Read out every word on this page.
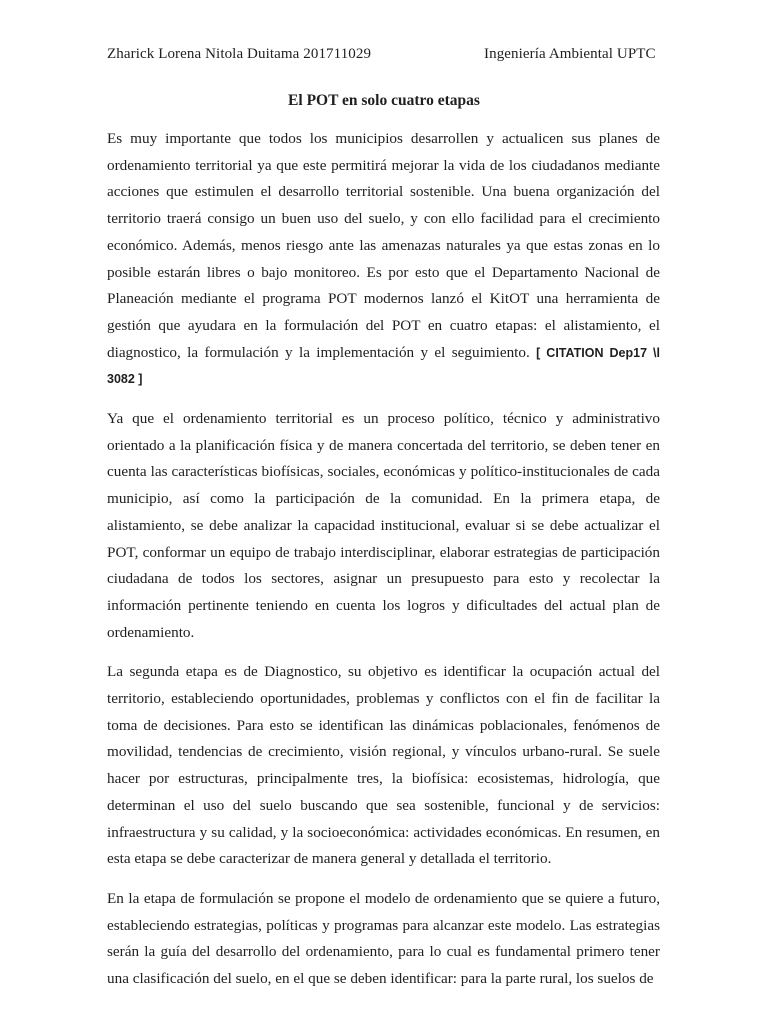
Zharick Lorena Nitola Duitama 201711029	Ingeniería Ambiental UPTC
El POT en solo cuatro etapas

Es muy importante que todos los municipios desarrollen y actualicen sus planes de ordenamiento territorial ya que este permitirá mejorar la vida de los ciudadanos mediante acciones que estimulen el desarrollo territorial sostenible. Una buena organización del territorio traerá consigo un buen uso del suelo, y con ello facilidad para el crecimiento económico. Además, menos riesgo ante las amenazas naturales ya que estas zonas en lo posible estarán libres o bajo monitoreo. Es por esto que el Departamento Nacional de Planeación mediante el programa POT modernos lanzó el KitOT una herramienta de gestión que ayudara en la formulación del POT en cuatro etapas: el alistamiento, el diagnostico, la formulación y la implementación y el seguimiento. [ CITATION Dep17 \l 3082 ]

Ya que el ordenamiento territorial es un proceso político, técnico y administrativo orientado a la planificación física y de manera concertada del territorio, se deben tener en cuenta las características biofísicas, sociales, económicas y político-institucionales de cada municipio, así como la participación de la comunidad. En la primera etapa, de alistamiento, se debe analizar la capacidad institucional, evaluar si se debe actualizar el POT, conformar un equipo de trabajo interdisciplinar, elaborar estrategias de participación ciudadana de todos los sectores, asignar un presupuesto para esto y recolectar la información pertinente teniendo en cuenta los logros y dificultades del actual plan de ordenamiento.

La segunda etapa es de Diagnostico, su objetivo es identificar la ocupación actual del territorio, estableciendo oportunidades, problemas y conflictos con el fin de facilitar la toma de decisiones. Para esto se identifican las dinámicas poblacionales, fenómenos de movilidad, tendencias de crecimiento, visión regional, y vínculos urbano-rural. Se suele hacer por estructuras, principalmente tres, la biofísica: ecosistemas, hidrología, que determinan el uso del suelo buscando que sea sostenible, funcional y de servicios: infraestructura y su calidad, y la socioeconómica: actividades económicas. En resumen, en esta etapa se debe caracterizar de manera general y detallada el territorio.

En la etapa de formulación se propone el modelo de ordenamiento que se quiere a futuro, estableciendo estrategias, políticas y programas para alcanzar este modelo. Las estrategias serán la guía del desarrollo del ordenamiento, para lo cual es fundamental primero tener una clasificación del suelo, en el que se deben identificar: para la parte rural, los suelos de
